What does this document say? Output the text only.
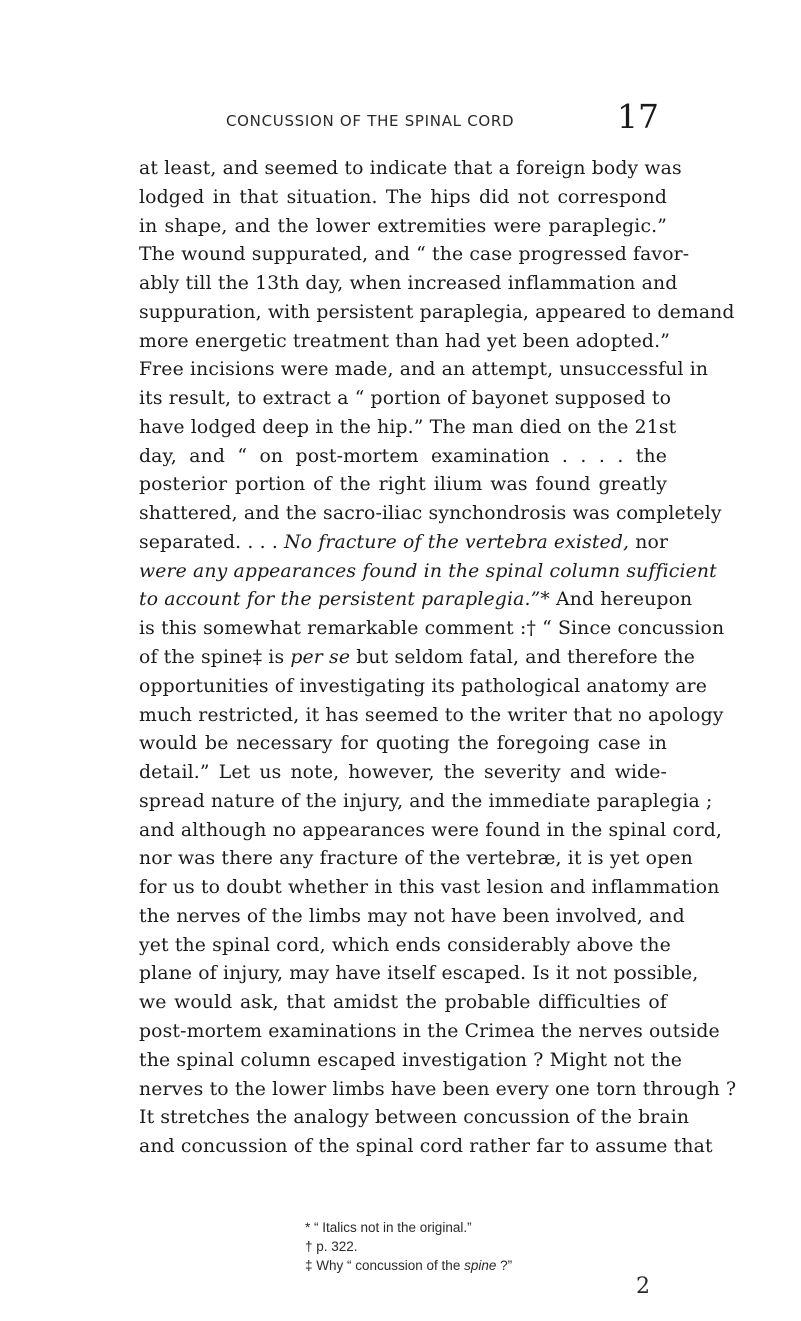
CONCUSSION OF THE SPINAL CORD	17
at least, and seemed to indicate that a foreign body was
lodged in that situation. The hips did not correspond
in shape, and the lower extremities were paraplegic.”
The wound suppurated, and “ the case progressed favor-
ably till the 13th day, when increased inflammation and
suppuration, with persistent paraplegia, appeared to demand
more energetic treatment than had yet been adopted.”
Free incisions were made, and an attempt, unsuccessful in
its result, to extract a “ portion of bayonet supposed to
have lodged deep in the hip.” The man died on the 21st
day, and “ on post-mortem examination . . . . the
posterior portion of the right ilium was found greatly
shattered, and the sacro-iliac synchondrosis was completely
separated. . . . No fracture of the vertebra existed, nor
were any appearances found in the spinal column sufficient
to account for the persistent paraplegia.”* And hereupon
is this somewhat remarkable comment :† “ Since concussion
of the spine‡ is per se but seldom fatal, and therefore the
opportunities of investigating its pathological anatomy are
much restricted, it has seemed to the writer that no apology
would be necessary for quoting the foregoing case in
detail.” Let us note, however, the severity and wide-
spread nature of the injury, and the immediate paraplegia ;
and although no appearances were found in the spinal cord,
nor was there any fracture of the vertebræ, it is yet open
for us to doubt whether in this vast lesion and inflammation
the nerves of the limbs may not have been involved, and
yet the spinal cord, which ends considerably above the
plane of injury, may have itself escaped. Is it not possible,
we would ask, that amidst the probable difficulties of
post-mortem examinations in the Crimea the nerves outside
the spinal column escaped investigation ? Might not the
nerves to the lower limbs have been every one torn through ?
It stretches the analogy between concussion of the brain
and concussion of the spinal cord rather far to assume that
* “ Italics not in the original.”
† p. 322.
‡ Why “ concussion of the spine ?”
2
